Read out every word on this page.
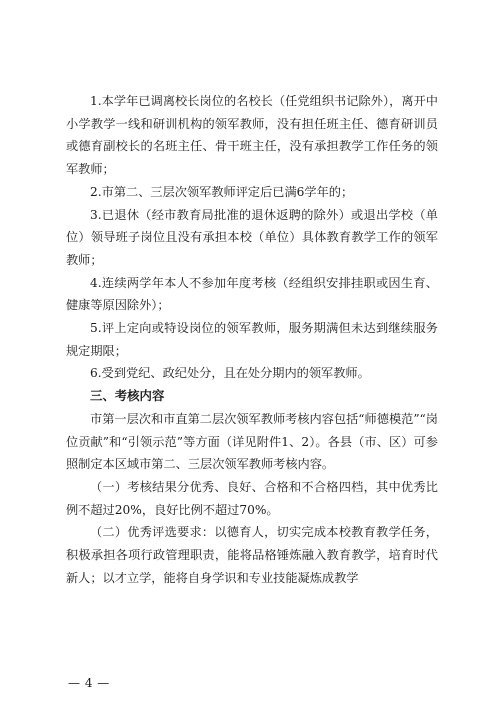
1.本学年已调离校长岗位的名校长（任党组织书记除外），离开中小学教学一线和研训机构的领军教师，没有担任班主任、德育研训员或德育副校长的名班主任、骨干班主任，没有承担教学工作任务的领军教师；

2.市第二、三层次领军教师评定后已满6学年的；

3.已退休（经市教育局批准的退休返聘的除外）或退出学校（单位）领导班子岗位且没有承担本校（单位）具体教育教学工作的领军教师；

4.连续两学年本人不参加年度考核（经组织安排挂职或因生育、健康等原因除外）；

5.评上定向或特设岗位的领军教师，服务期满但未达到继续服务规定期限；

6.受到党纪、政纪处分，且在处分期内的领军教师。

三、考核内容

市第一层次和市直第二层次领军教师考核内容包括“师德模范”“岗位贡献”和“引领示范”等方面（详见附件1、2）。各县（市、区）可参照制定本区域市第二、三层次领军教师考核内容。

（一）考核结果分优秀、良好、合格和不合格四档，其中优秀比例不超过20%，良好比例不超过70%。

（二）优秀评选要求：以德育人，切实完成本校教育教学任务，积极承担各项行政管理职责，能将品格锤炼融入教育教学，培育时代新人；以才立学，能将自身学识和专业技能凝炼成教学

— 4 —
